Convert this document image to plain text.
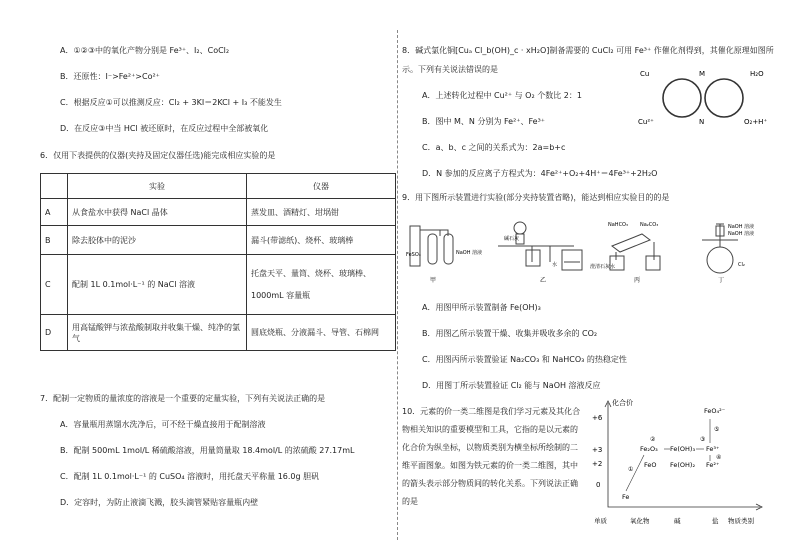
A．①②③中的氧化产物分别是 Fe³⁺、I₂、CoCl₂
B．还原性：I⁻>Fe²⁺>Co²⁺
C．根据反应①可以推测反应：Cl₂ + 3KI＝2KCl + I₃ 不能发生
D．在反应③中当 HCl 被还原时，在反应过程中全部被氧化
6．仅用下表提供的仪器(夹持及固定仪器任选)能完成相应实验的是
	实验	仪器
A	从食盐水中获得 NaCl 晶体	蒸发皿、酒精灯、坩埚钳
B	除去胶体中的泥沙	漏斗(带滤纸)、烧杯、玻璃棒
C	配制 1L 0.1mol·L⁻¹ 的 NaCl 溶液	托盘天平、量筒、烧杯、玻璃棒、
1000mL 容量瓶

D	用高锰酸钾与浓盐酸制取并收集干燥、纯净的氯气	圆底烧瓶、分液漏斗、导管、石棉网
7．配制一定物质的量浓度的溶液是一个重要的定量实验，下列有关说法正确的是
A．容量瓶用蒸馏水洗净后，可不经干燥直接用于配制溶液
B．配制 500mL 1mol/L 稀硫酸溶液，用量筒量取 18.4mol/L 的浓硫酸 27.17mL
C．配制 1L 0.1mol·L⁻¹ 的 CuSO₄ 溶液时，用托盘天平称量 16.0g 胆矾
D．定容时，为防止液滴飞溅，胶头滴管紧贴容量瓶内壁
8．碱式氯化铜[Cuₐ Cl_b(OH)_c · xH₂O]制备需要的 CuCl₂ 可用 Fe³⁺ 作催化剂得到，其催化原理如图所
示。下列有关说法错误的是
A．上述转化过程中 Cu²⁺ 与 O₂ 个数比 2：1
B．图中 M、N 分别为 Fe²⁺、Fe³⁺
C．a、b、c 之间的关系式为：2a=b+c
D．N 参加的反应离子方程式为：4Fe²⁺+O₂+4H⁺＝4Fe³⁺+2H₂O
Cu	M	H₂O
Cu²⁺	N	O₂+H⁺
9．用下图所示装置进行实验(部分夹持装置省略)，能达到相应实验目的的是
NaOH 溶液
FeSO₄
甲
碱石灰
水
乙
NaHCO₃ Na₂CO₃
澄清石灰水
丙
NaOH 溶液
NaOH 溶液
Cl₂
丁
A．用图甲所示装置制备 Fe(OH)₃
B．用图乙所示装置干燥、收集并吸收多余的 CO₂
C．用图丙所示装置验证 Na₂CO₃ 和 NaHCO₃ 的热稳定性
D．用图丁所示装置验证 Cl₂ 能与 NaOH 溶液反应
10．元素的价一类二维图是我们学习元素及其化合
物相关知识的重要模型和工具，它指的是以元素的
化合价为纵坐标，以物质类别为横坐标所绘制的二
维平面图象。如图为铁元素的价一类二维图，其中
的箭头表示部分物质间的转化关系。下列说法正确
的是
化合价
+6
+3
+2
0
单质	氧化物	碱	盐 物质类别
FeO₄²⁻
Fe₂O₃ Fe(OH)₃ Fe³⁺
FeO Fe(OH)₂ Fe²⁺
Fe
①
②	③
④
⑤
